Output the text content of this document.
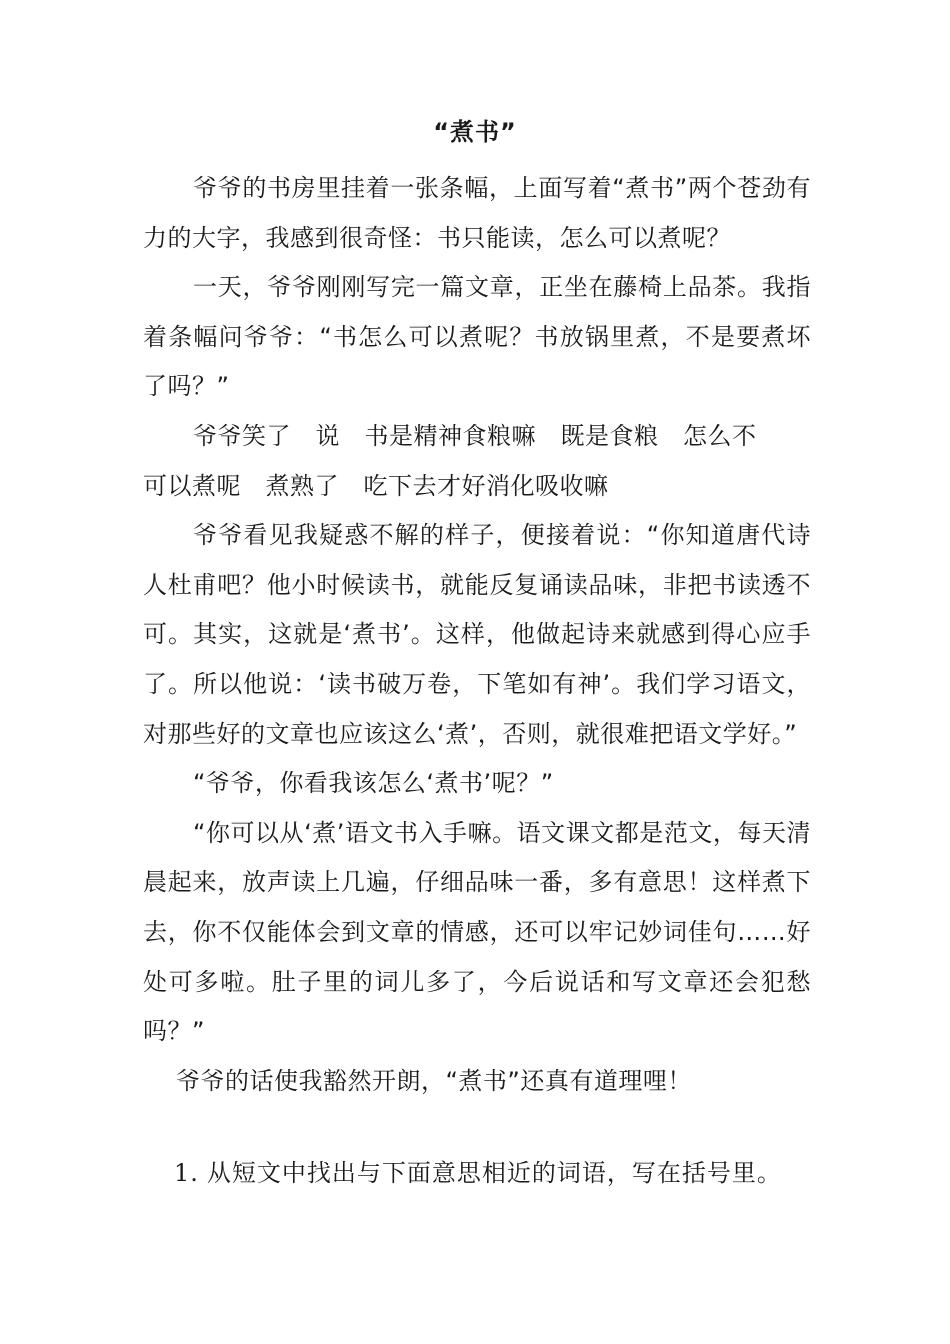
“煮书”

爷爷的书房里挂着一张条幅，上面写着“煮书”两个苍劲有力的大字，我感到很奇怪：书只能读，怎么可以煮呢？

一天，爷爷刚刚写完一篇文章，正坐在藤椅上品茶。我指着条幅问爷爷：“书怎么可以煮呢？书放锅里煮，不是要煮坏了吗？”

爷爷笑了　说　书是精神食粮嘛　既是食粮　怎么不
可以煮呢　煮熟了　吃下去才好消化吸收嘛

爷爷看见我疑惑不解的样子，便接着说：“你知道唐代诗人杜甫吧？他小时候读书，就能反复诵读品味，非把书读透不可。其实，这就是‘煮书’。这样，他做起诗来就感到得心应手了。所以他说：‘读书破万卷，下笔如有神’。我们学习语文，对那些好的文章也应该这么‘煮’，否则，就很难把语文学好。”

“爷爷，你看我该怎么‘煮书’呢？”

“你可以从‘煮’语文书入手嘛。语文课文都是范文，每天清晨起来，放声读上几遍，仔细品味一番，多有意思！这样煮下去，你不仅能体会到文章的情感，还可以牢记妙词佳句……好处可多啦。肚子里的词儿多了，今后说话和写文章还会犯愁吗？”

爷爷的话使我豁然开朗，“煮书”还真有道理哩！

1. 从短文中找出与下面意思相近的词语，写在括号里。
